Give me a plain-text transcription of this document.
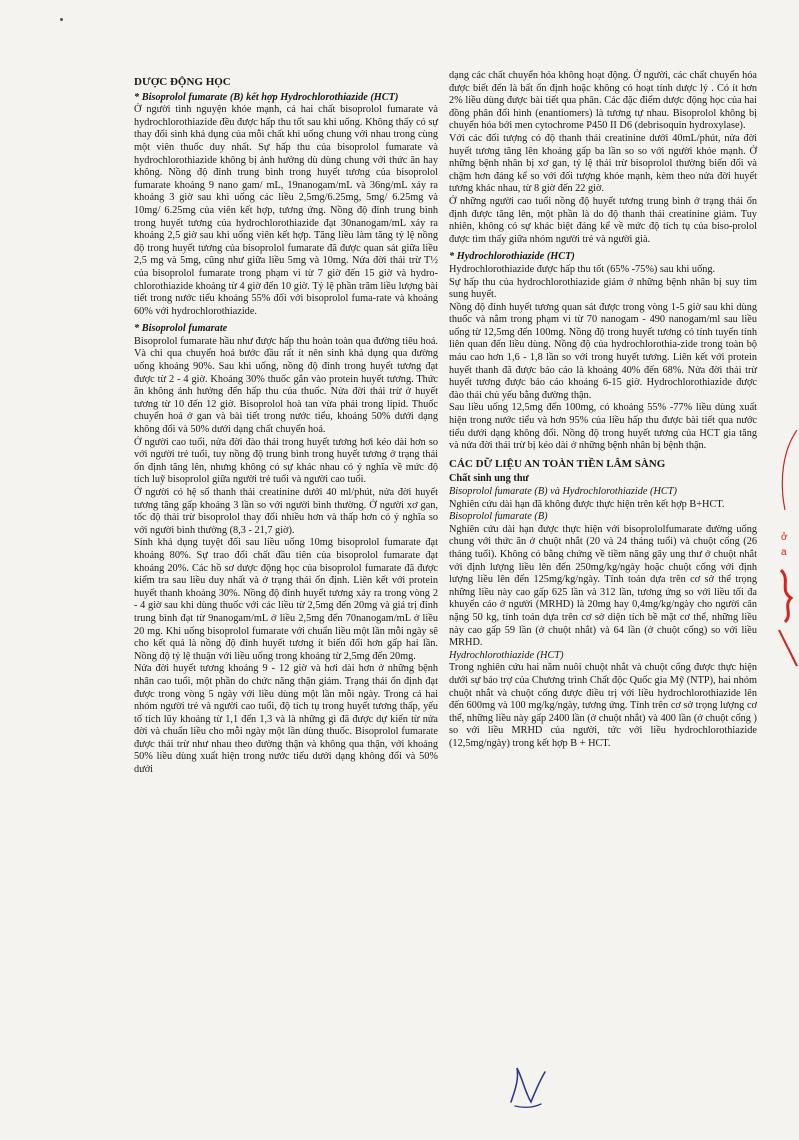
DƯỢC ĐỘNG HỌC

* Bisoprolol fumarate (B) kết hợp Hydrochlorothiazide (HCT)

Ở người tình nguyện khỏe mạnh, cả hai chất bisoprolol fumarate và hydrochlorothiazide đều được hấp thu tốt sau khi uống. Không thấy có sự thay đổi sinh khả dụng của mỗi chất khi uống chung với nhau trong cùng một viên thuốc duy nhất. Sự hấp thu của bisoprolol fumarate và hydrochlorothiazide không bị ảnh hưởng dù dùng chung với thức ăn hay không. Nồng độ đỉnh trung bình trong huyết tương của bisoprolol fumarate khoảng 9 nano gam/ mL, 19nanogam/mL và 36ng/mL xảy ra khoảng 3 giờ sau khi uống các liều 2,5mg/6.25mg, 5mg/ 6.25mg và 10mg/ 6.25mg của viên kết hợp, tương ứng. Nồng độ đỉnh trung bình trong huyết tương của hydrochlorothiazide đạt 30nanogam/mL xảy ra khoảng 2,5 giờ sau khi uống viên kết hợp. Tăng liều làm tăng tỷ lệ nồng độ trong huyết tương của bisoprolol fumarate đã được quan sát giữa liều 2,5 mg và 5mg, cũng như giữa liều 5mg và 10mg. Nửa đời thải trừ T½ của bisoprolol fumarate trong phạm vi từ 7 giờ đến 15 giờ và hydro-chlorothiazide khoảng từ 4 giờ đến 10 giờ. Tỷ lệ phần trăm liều lượng bài tiết trong nước tiểu khoảng 55% đối với bisoprolol fuma-rate và khoảng 60% với hydrochlorothiazide.

* Bisoprolol fumarate

Bisoprolol fumarate hầu như được hấp thu hoàn toàn qua đường tiêu hoá. Và chỉ qua chuyển hoá bước đầu rất ít nên sinh khả dụng qua đường uống khoảng 90%. Sau khi uống, nồng độ đỉnh trong huyết tương đạt được từ 2 - 4 giờ. Khoảng 30% thuốc gắn vào protein huyết tương. Thức ăn không ảnh hưởng đến hấp thu của thuốc. Nửa đời thải trừ ở huyết tương từ 10 đến 12 giờ. Bisoprolol hoà tan vừa phải trong lipid. Thuốc chuyển hoá ở gan và bài tiết trong nước tiểu, khoảng 50% dưới dạng không đổi và 50% dưới dạng chất chuyển hoá.

Ở người cao tuổi, nửa đời đào thải trong huyết tương hơi kéo dài hơn so với người trẻ tuổi, tuy nồng độ trung bình trong huyết tương ở trạng thái ổn định tăng lên, nhưng không có sự khác nhau có ý nghĩa về mức độ tích luỹ bisoprolol giữa người trẻ tuổi và người cao tuổi.

Ở người có hệ số thanh thải creatinine dưới 40 ml/phút, nửa đời huyết tương tăng gấp khoảng 3 lần so với người bình thường. Ở người xơ gan, tốc độ thải trừ bisoprolol thay đổi nhiều hơn và thấp hơn có ý nghĩa so với người bình thường (8,3 - 21,7 giờ).

Sinh khả dụng tuyệt đối sau liều uống 10mg bisoprolol fumarate đạt khoảng 80%. Sự trao đổi chất đầu tiên của bisoprolol fumarate đạt khoảng 20%. Các hồ sơ dược động học của bisoprolol fumarate đã được kiểm tra sau liều duy nhất và ở trạng thái ổn định. Liên kết với protein huyết thanh khoảng 30%. Nồng độ đỉnh huyết tương xảy ra trong vòng 2 - 4 giờ sau khi dùng thuốc với các liều từ 2,5mg đến 20mg và giá trị đỉnh trung bình đạt từ 9nanogam/mL ở liều 2,5mg đến 70nanogam/mL ở liều 20 mg. Khi uống bisoprolol fumarate với chuẩn liều một lần mỗi ngày sẽ cho kết quả là nồng độ đỉnh huyết tương ít biến đổi hơn gấp hai lần. Nồng độ tỷ lệ thuận với liều uống trong khoảng từ 2,5mg đến 20mg.

Nửa đời huyết tương khoảng 9 - 12 giờ và hơi dài hơn ở những bệnh nhân cao tuổi, một phần do chức năng thận giảm. Trạng thái ổn định đạt được trong vòng 5 ngày với liều dùng một lần mỗi ngày. Trong cả hai nhóm người trẻ và người cao tuổi, độ tích tụ trong huyết tương thấp, yếu tố tích lũy khoảng từ 1,1 đến 1,3 và là những gì đã được dự kiến từ nửa đời và chuẩn liều cho mỗi ngày một lần dùng thuốc. Bisoprolol fumarate được thải trừ như nhau theo đường thận và không qua thận, với khoảng 50% liều dùng xuất hiện trong nước tiểu dưới dạng không đổi và 50% dưới

dạng các chất chuyển hóa không hoạt động. Ở người, các chất chuyển hóa được biết đến là bất ổn định hoặc không có hoạt tính dược lý . Có ít hơn 2% liều dùng được bài tiết qua phân. Các đặc điểm dược động học của hai đồng phân đối hình (enantiomers) là tương tự nhau. Bisoprolol không bị chuyển hóa bởi men cytochrome P450 II D6 (debrisoquin hydroxylase).

Với các đối tượng có độ thanh thải creatinine dưới 40mL/phút, nửa đời huyết tương tăng lên khoảng gấp ba lần so so với người khỏe mạnh. Ở những bệnh nhân bị xơ gan, tỷ lệ thải trừ bisoprolol thường biến đổi và chậm hơn đáng kể so với đối tượng khỏe mạnh, kèm theo nửa đời huyết tương khác nhau, từ 8 giờ đến 22 giờ.

Ở những người cao tuổi nồng độ huyết tương trung bình ở trạng thái ổn định được tăng lên, một phần là do độ thanh thải creatinine giảm. Tuy nhiên, không có sự khác biệt đáng kể về mức độ tích tụ của biso-prolol được tìm thấy giữa nhóm người trẻ và người già.

* Hydrochlorothiazide (HCT)

Hydrochlorothiazide được hấp thu tốt (65% -75%) sau khi uống.

Sự hấp thu của hydrochlorothiazide giảm ở những bệnh nhân bị suy tim sung huyết.

Nồng độ đỉnh huyết tương quan sát được trong vòng 1-5 giờ sau khi dùng thuốc và nằm trong phạm vi từ 70 nanogam - 490 nanogam/ml sau liều uống từ 12,5mg đến 100mg. Nồng độ trong huyết tương có tính tuyến tính liên quan đến liều dùng. Nồng độ của hydrochlorothia-zide trong toàn bộ máu cao hơn 1,6 - 1,8 lần so với trong huyết tương. Liên kết với protein huyết thanh đã được báo cáo là khoảng 40% đến 68%. Nửa đời thải trừ huyết tương được báo cáo khoảng 6-15 giờ. Hydrochlorothiazide được đào thải chủ yếu bằng đường thận.

Sau liều uống 12,5mg đến 100mg, có khoảng 55% -77% liều dùng xuất hiện trong nước tiểu và hơn 95% của liều hấp thu được bài tiết qua nước tiểu dưới dạng không đổi. Nồng độ trong huyết tương của HCT gia tăng và nửa đời thải trừ bị kéo dài ở những bệnh nhân bị bệnh thận.

CÁC DỮ LIỆU AN TOÀN TIỀN LÂM SÀNG

Chất sinh ung thư

Bisoprolol fumarate (B) và Hydrochlorothiazide (HCT)

Nghiên cứu dài hạn đã không được thực hiện trên kết hợp B+HCT.

Bisoprolol fumarate (B)

Nghiên cứu dài hạn được thực hiện với bisoprololfumarate đường uống chung với thức ăn ở chuột nhắt (20 và 24 tháng tuổi) và chuột cống (26 tháng tuổi). Không có bằng chứng về tiềm năng gây ung thư ở chuột nhắt với định lượng liều lên đến 250mg/kg/ngày hoặc chuột cống với định lượng liều lên đến 125mg/kg/ngày. Tính toán dựa trên cơ sở thể trọng những liều này cao gấp 625 lần và 312 lần, tương ứng so với liều tối đa khuyến cáo ở người (MRHD) là 20mg hay 0,4mg/kg/ngày cho người cân nặng 50 kg, tính toán dựa trên cơ sở diện tích bề mặt cơ thể, những liều này cao gấp 59 lần (ở chuột nhắt) và 64 lần (ở chuột cống) so với liều MRHD.

Hydrochlorothiazide (HCT)

Trong nghiên cứu hai năm nuôi chuột nhắt và chuột cống được thực hiện dưới sự bảo trợ của Chương trình Chất độc Quốc gia Mỹ (NTP), hai nhóm chuột nhắt và chuột cống được điều trị với liều hydrochlorothiazide lên đến 600mg và 100 mg/kg/ngày, tương ứng. Tính trên cơ sở trọng lượng cơ thể, những liều này gấp 2400 lần (ở chuột nhắt) và 400 lần (ở chuột cống ) so với liều MRHD của người, tức với liều hydrochlorothiazide (12,5mg/ngày) trong kết hợp B + HCT.

ở
a
